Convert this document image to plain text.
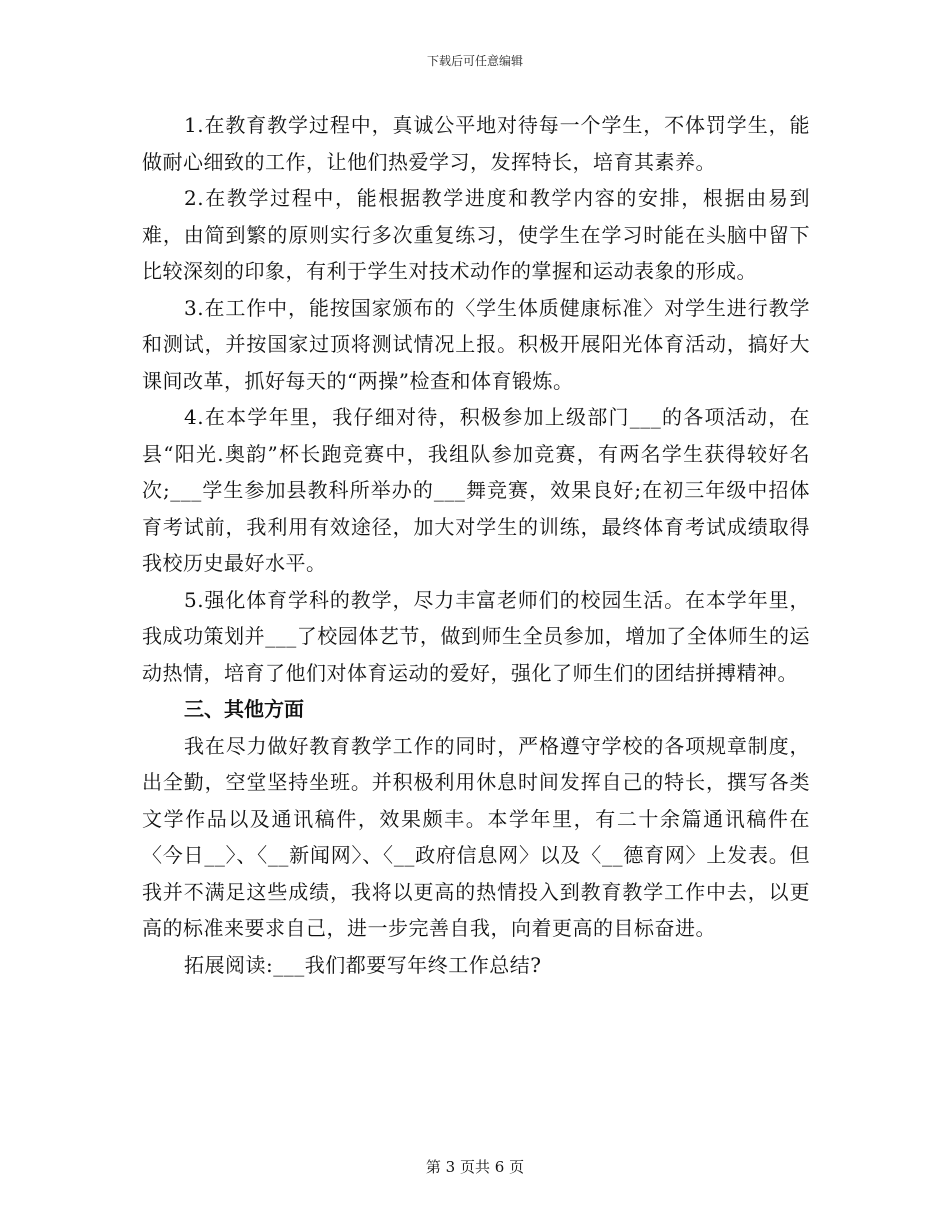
下载后可任意编辑

1.在教育教学过程中，真诚公平地对待每一个学生，不体罚学生，能做耐心细致的工作，让他们热爱学习，发挥特长，培育其素养。

2.在教学过程中，能根据教学进度和教学内容的安排，根据由易到难，由简到繁的原则实行多次重复练习，使学生在学习时能在头脑中留下比较深刻的印象，有利于学生对技术动作的掌握和运动表象的形成。

3.在工作中，能按国家颁布的〈学生体质健康标准〉对学生进行教学和测试，并按国家过顶将测试情况上报。积极开展阳光体育活动，搞好大课间改革，抓好每天的“两操”检查和体育锻炼。

4.在本学年里，我仔细对待，积极参加上级部门___的各项活动，在县“阳光.奥韵”杯长跑竞赛中，我组队参加竞赛，有两名学生获得较好名次;___学生参加县教科所举办的___舞竞赛，效果良好;在初三年级中招体育考试前，我利用有效途径，加大对学生的训练，最终体育考试成绩取得我校历史最好水平。

5.强化体育学科的教学，尽力丰富老师们的校园生活。在本学年里，我成功策划并___了校园体艺节，做到师生全员参加，增加了全体师生的运动热情，培育了他们对体育运动的爱好，强化了师生们的团结拼搏精神。

三、其他方面

我在尽力做好教育教学工作的同时，严格遵守学校的各项规章制度，出全勤，空堂坚持坐班。并积极利用休息时间发挥自己的特长，撰写各类文学作品以及通讯稿件，效果颇丰。本学年里，有二十余篇通讯稿件在〈今日__〉、〈__新闻网〉、〈__政府信息网〉以及〈__德育网〉上发表。但我并不满足这些成绩，我将以更高的热情投入到教育教学工作中去，以更高的标准来要求自己，进一步完善自我，向着更高的目标奋进。

拓展阅读:___我们都要写年终工作总结?

第 3 页共 6 页
